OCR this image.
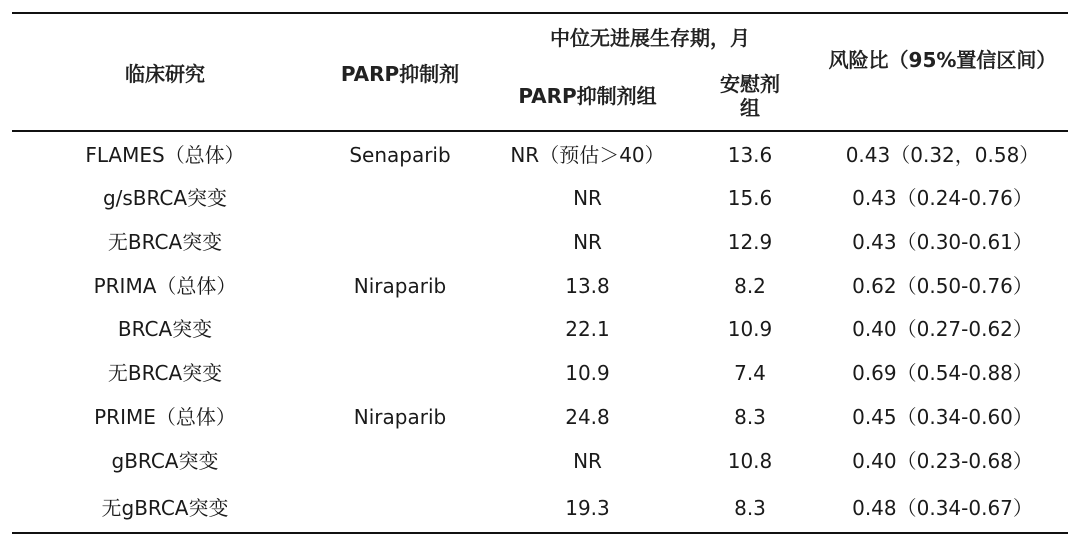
临床研究	PARP抑制剂
中位无进展生存期，月
PARP抑制剂组	安慰剂组
风险比（95%置信区间）
FLAMES（总体）	Senaparib	NR（预估＞40）	13.6	0.43（0.32，0.58）
g/sBRCA突变	NR	15.6	0.43（0.24-0.76）
无BRCA突变	NR	12.9	0.43（0.30-0.61）
PRIMA（总体）	Niraparib	13.8	8.2	0.62（0.50-0.76）
BRCA突变	22.1	10.9	0.40（0.27-0.62）
无BRCA突变	10.9	7.4	0.69（0.54-0.88）
PRIME（总体）	Niraparib	24.8	8.3	0.45（0.34-0.60）
gBRCA突变	NR	10.8	0.40（0.23-0.68）
无gBRCA突变	19.3	8.3	0.48（0.34-0.67）
